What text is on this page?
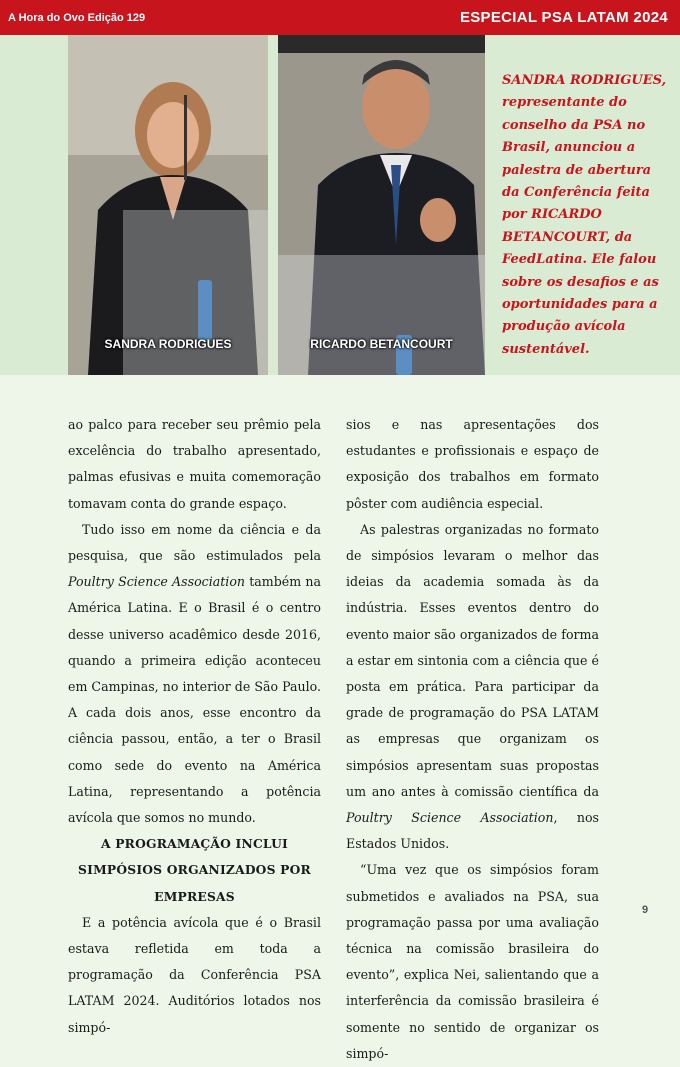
A Hora do Ovo Edição 129	ESPECIAL PSA LATAM 2024
SANDRA RODRIGUES	RICARDO BETANCOURT
SANDRA RODRIGUES, representante do conselho da PSA no Brasil, anunciou a palestra de abertura da Conferência feita por RICARDO BETANCOURT, da FeedLatina. Ele falou sobre os desafios e as oportunidades para a produção avícola sustentável.

ao palco para receber seu prêmio pela excelência do trabalho apresentado, palmas efusivas e muita comemoração tomavam conta do grande espaço.

Tudo isso em nome da ciência e da pesquisa, que são estimulados pela Poultry Science Association também na América Latina. E o Brasil é o centro desse universo acadêmico desde 2016, quando a primeira edição aconteceu em Campinas, no interior de São Paulo. A cada dois anos, esse encontro da ciência passou, então, a ter o Brasil como sede do evento na América Latina, representando a potência avícola que somos no mundo.

A PROGRAMAÇÃO INCLUI SIMPÓSIOS ORGANIZADOS POR EMPRESAS

E a potência avícola que é o Brasil estava refletida em toda a programação da Conferência PSA LATAM 2024. Auditórios lotados nos simpó-

sios e nas apresentações dos estudantes e profissionais e espaço de exposição dos trabalhos em formato pôster com audiência especial.

As palestras organizadas no formato de simpósios levaram o melhor das ideias da academia somada às da indústria. Esses eventos dentro do evento maior são organizados de forma a estar em sintonia com a ciência que é posta em prática. Para participar da grade de programação do PSA LATAM as empresas que organizam os simpósios apresentam suas propostas um ano antes à comissão científica da Poultry Science Association, nos Estados Unidos.

“Uma vez que os simpósios foram submetidos e avaliados na PSA, sua programação passa por uma avaliação técnica na comissão brasileira do evento”, explica Nei, salientando que a interferência da comissão brasileira é somente no sentido de organizar os simpó-

9
